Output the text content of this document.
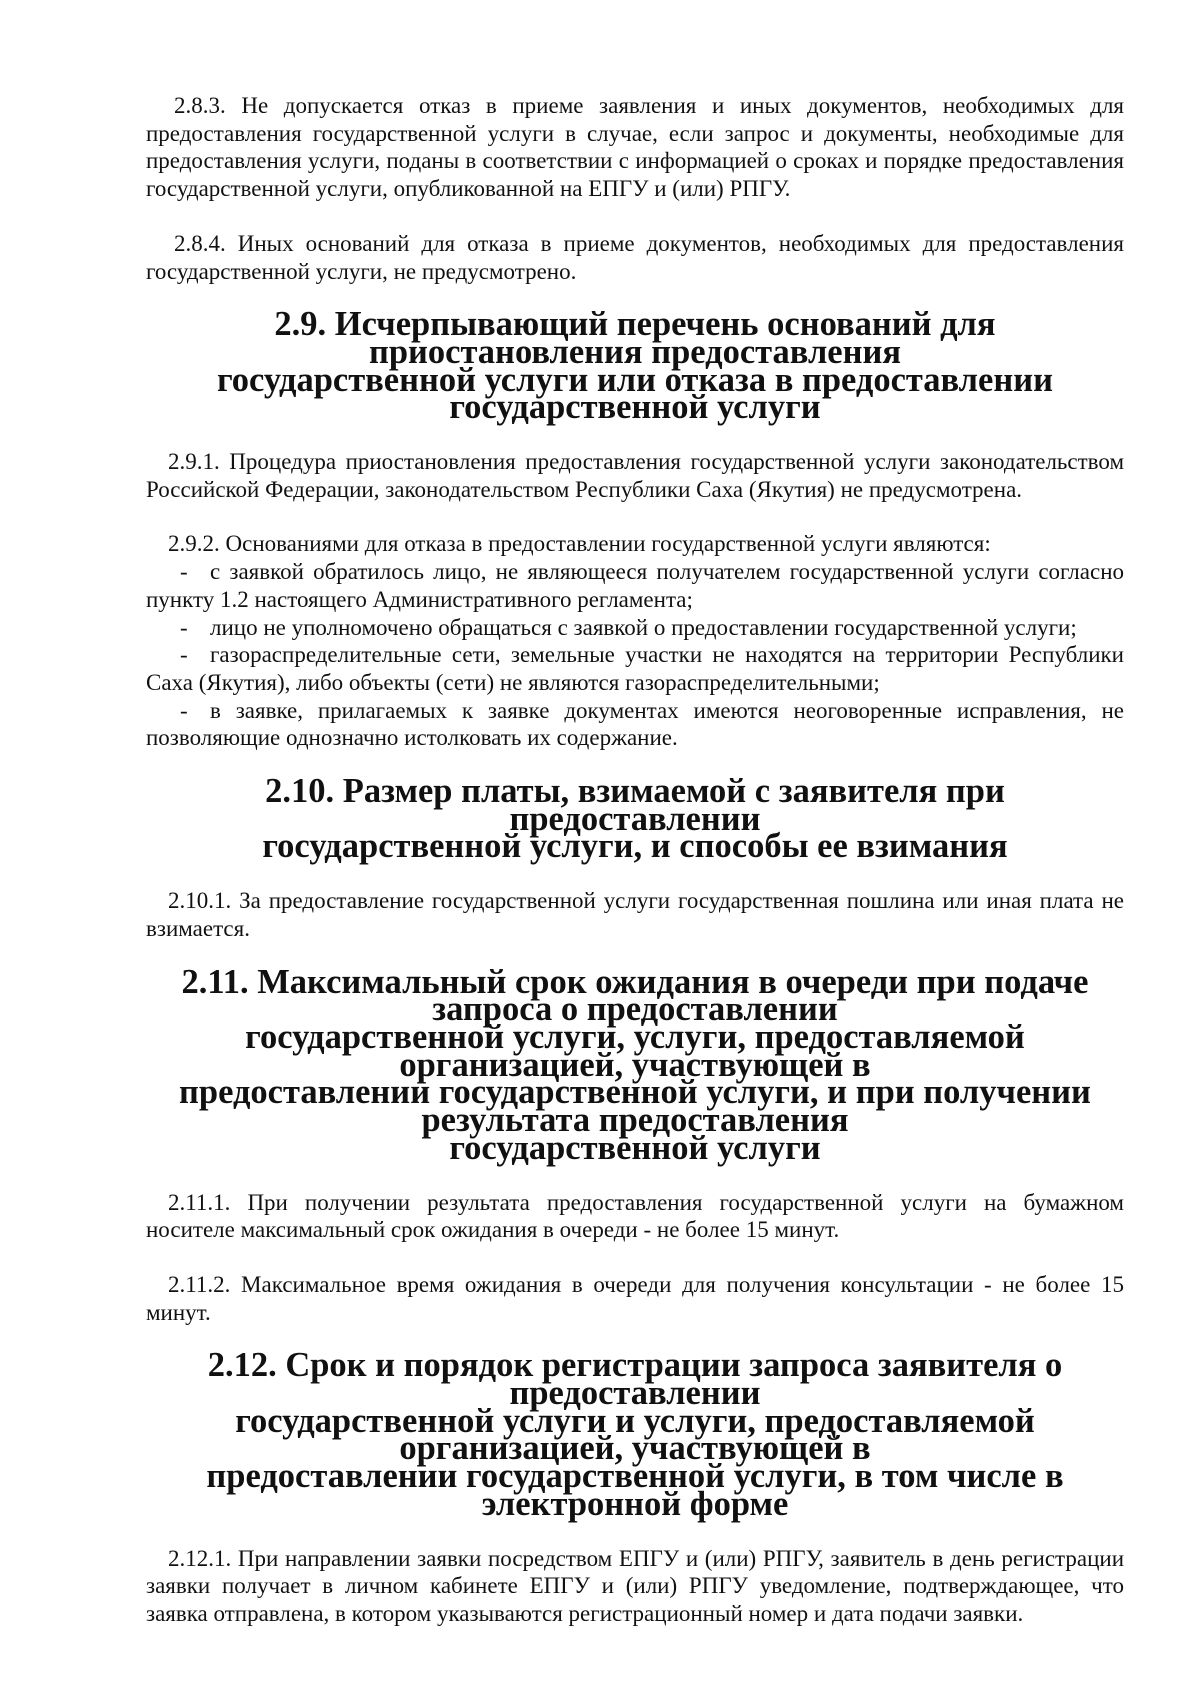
2.8.3. Не допускается отказ в приеме заявления и иных документов, необходимых для предоставления государственной услуги в случае, если запрос и документы, необходимые для предоставления услуги, поданы в соответствии с информацией о сроках и порядке предоставления государственной услуги, опубликованной на ЕПГУ и (или) РПГУ.

2.8.4. Иных оснований для отказа в приеме документов, необходимых для предоставления государственной услуги, не предусмотрено.

2.9. Исчерпывающий перечень оснований для приостановления предоставления
государственной услуги или отказа в предоставлении государственной услуги

2.9.1. Процедура приостановления предоставления государственной услуги законодательством Российской Федерации, законодательством Республики Саха (Якутия) не предусмотрена.

2.9.2. Основаниями для отказа в предоставлении государственной услуги являются:

- с заявкой обратилось лицо, не являющееся получателем государственной услуги согласно пункту 1.2 настоящего Административного регламента;

- лицо не уполномочено обращаться с заявкой о предоставлении государственной услуги;

- газораспределительные сети, земельные участки не находятся на территории Республики Саха (Якутия), либо объекты (сети) не являются газораспределительными;

- в заявке, прилагаемых к заявке документах имеются неоговоренные исправления, не позволяющие однозначно истолковать их содержание.

2.10. Размер платы, взимаемой с заявителя при предоставлении
государственной услуги, и способы ее взимания

2.10.1. За предоставление государственной услуги государственная пошлина или иная плата не взимается.

2.11. Максимальный срок ожидания в очереди при подаче запроса о предоставлении
государственной услуги, услуги, предоставляемой организацией, участвующей в
предоставлении государственной услуги, и при получении результата предоставления
государственной услуги

2.11.1. При получении результата предоставления государственной услуги на бумажном носителе максимальный срок ожидания в очереди - не более 15 минут.

2.11.2. Максимальное время ожидания в очереди для получения консультации - не более 15 минут.

2.12. Срок и порядок регистрации запроса заявителя о предоставлении
государственной услуги и услуги, предоставляемой организацией, участвующей в
предоставлении государственной услуги, в том числе в электронной форме

2.12.1. При направлении заявки посредством ЕПГУ и (или) РПГУ, заявитель в день регистрации заявки получает в личном кабинете ЕПГУ и (или) РПГУ уведомление, подтверждающее, что заявка отправлена, в котором указываются регистрационный номер и дата подачи заявки.
